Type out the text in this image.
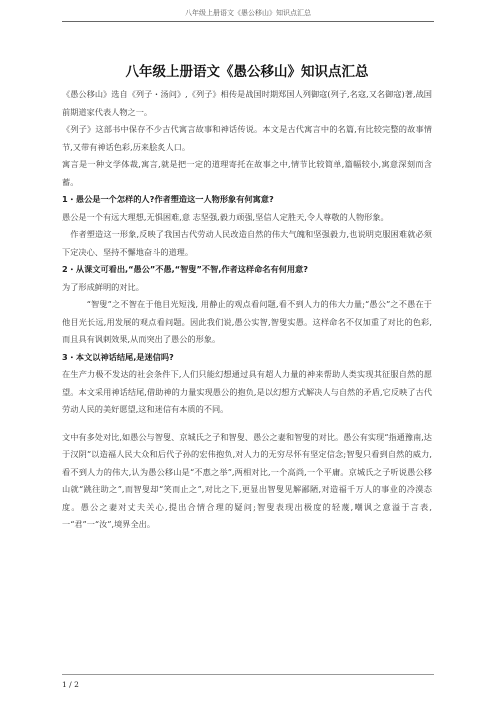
八年级上册语文《愚公移山》知识点汇总
八年级上册语文《愚公移山》知识点汇总

《愚公移山》选自《列子・汤问》,《列子》相传是战国时期郑国人列御寇(列子,名寇,又名御寇)著,战国前期道家代表人物之一。

《列子》这部书中保存不少古代寓言故事和神话传说。本文是古代寓言中的名篇,有比较完整的故事情节,又带有神话色彩,历来脍炙人口。

寓言是一种文学体裁,寓言,就是把一定的道理寄托在故事之中,情节比较简单,篇幅较小,寓意深刻而含蓄。

1・愚公是一个怎样的人?作者塑造这一人物形象有何寓意?

愚公是一个有远大理想,无惧困难,意 志坚强,毅力顽强,坚信人定胜天,令人尊敬的人物形象。

作者塑造这一形象,反映了我国古代劳动人民改造自然的伟大气魄和坚强毅力,也说明克服困难就必须下定决心、坚持不懈地奋斗的道理。

2・从课文可看出,“愚公”不愚,“智叟”不智,作者这样命名有何用意?

为了形成鲜明的对比。

“智叟”之不智在于他目光短浅, 用静止的观点看问题,看不到人力的伟大力量;“愚公”之不愚在于他目光长远,用发展的观点看问题。因此我们说,愚公实智,智叟实愚。这样命名不仅加重了对比的色彩,而且具有讽刺效果,从而突出了愚公的形象。

3・本文以神话结尾,是迷信吗?

在生产力极不发达的社会条件下,人们只能幻想通过具有超人力量的神来帮助人类实现其征服自然的愿望。本文采用神话结尾,借助神的力量实现愚公的抱负,是以幻想方式解决人与自然的矛盾,它反映了古代劳动人民的美好愿望,这和迷信有本质的不同。

文中有多处对比,如愚公与智叟、京城氏之子和智叟、愚公之妻和智叟的对比。愚公有实现“指通豫南,达于汉阴”以造福人民大众和后代子孙的宏伟抱负,对人力的无穷尽怀有坚定信念;智叟只看到自然的威力,看不到人力的伟大,认为愚公移山是“不惠之举”,两相对比,一个高尚,一个平庸。京城氏之子听说愚公移山就“跳往助之”,而智叟却“笑而止之”,对比之下,更显出智叟见解鄙陋,对造福千万人的事业的冷漠态度。愚公之妻对丈夫关心,提出合情合理的疑问;智叟表现出极度的轻蔑,嘲讽之意溢于言表,一“君”一“汝”,境界全出。

1 / 2
